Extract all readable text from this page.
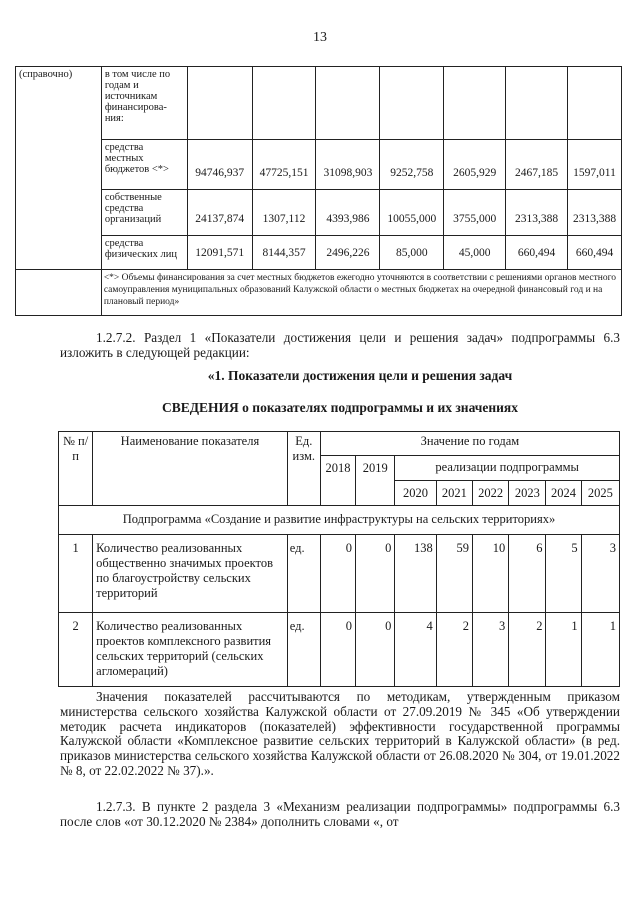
13
(справочно)	в том числе по годам и источникам финансирова-ния:							
	средства местных бюджетов <*>	94746,937	47725,151	31098,903	9252,758	2605,929	2467,185	1597,011
	собственные средства организаций	24137,874	1307,112	4393,986	10055,000	3755,000	2313,388	2313,388
	средства физических лиц	12091,571	8144,357	2496,226	85,000	45,000	660,494	660,494
	<*> Объемы финансирования за счет местных бюджетов ежегодно уточняются в соответствии с решениями органов местного самоуправления муниципальных образований Калужской области о местных бюджетах на очередной финансовый год и на плановый период»							
1.2.7.2. Раздел 1 «Показатели достижения цели и решения задач» подпрограммы 6.3 изложить в следующей редакции:
«1. Показатели достижения цели и решения задач
СВЕДЕНИЯ о показателях подпрограммы и их значениях
№ п/п	Наименование показателя	Ед. изм.	Значение по годам							
			2018	2019	реализации подпрограммы					
					2020	2021	2022	2023	2024	2025
Подпрограмма «Создание и развитие инфраструктуры на сельских территориях»										
1	Количество реализованных общественно значимых проектов по благоустройству сельских территорий	ед.	0	0	138	59	10	6	5	3
2	Количество реализованных проектов комплексного развития сельских территорий (сельских агломераций)	ед.	0	0	4	2	3	2	1	1
Значения показателей рассчитываются по методикам, утвержденным приказом министерства сельского хозяйства Калужской области от 27.09.2019 № 345 «Об утверждении методик расчета индикаторов (показателей) эффективности государственной программы Калужской области «Комплексное развитие сельских территорий в Калужской области» (в ред. приказов министерства сельского хозяйства Калужской области от 26.08.2020 № 304, от 19.01.2022 № 8, от 22.02.2022 № 37).».
1.2.7.3. В пункте 2 раздела 3 «Механизм реализации подпрограммы» подпрограммы 6.3 после слов «от 30.12.2020 № 2384» дополнить словами «, от
